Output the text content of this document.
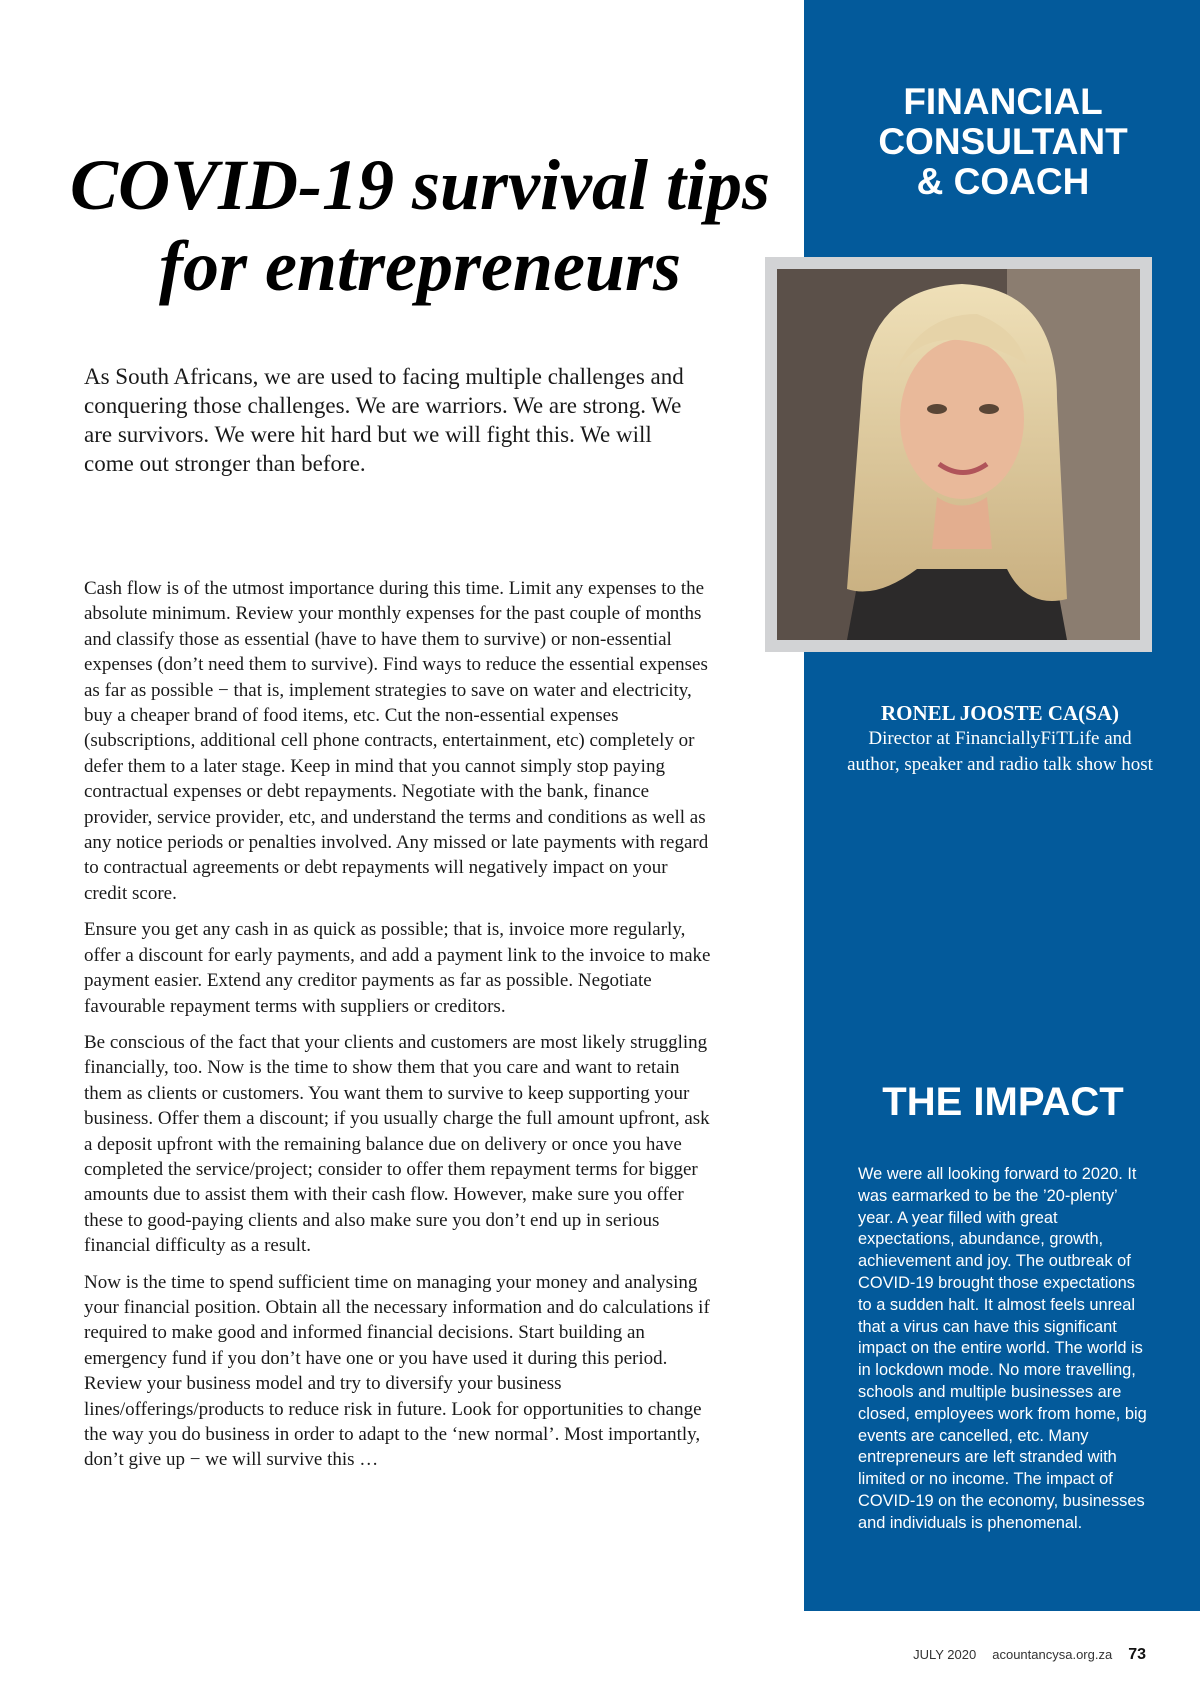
COVID-19 survival tips for entrepreneurs

As South Africans, we are used to facing multiple challenges and conquering those challenges. We are warriors. We are strong. We are survivors. We were hit hard but we will fight this. We will come out stronger than before.

Cash flow is of the utmost importance during this time. Limit any expenses to the absolute minimum. Review your monthly expenses for the past couple of months and classify those as essential (have to have them to survive) or non-essential expenses (don’t need them to survive). Find ways to reduce the essential expenses as far as possible − that is, implement strategies to save on water and electricity, buy a cheaper brand of food items, etc. Cut the non-essential expenses (subscriptions, additional cell phone contracts, entertainment, etc) completely or defer them to a later stage. Keep in mind that you cannot simply stop paying contractual expenses or debt repayments. Negotiate with the bank, finance provider, service provider, etc, and understand the terms and conditions as well as any notice periods or penalties involved. Any missed or late payments with regard to contractual agreements or debt repayments will negatively impact on your credit score.

Ensure you get any cash in as quick as possible; that is, invoice more regularly, offer a discount for early payments, and add a payment link to the invoice to make payment easier. Extend any creditor payments as far as possible. Negotiate favourable repayment terms with suppliers or creditors.

Be conscious of the fact that your clients and customers are most likely struggling financially, too. Now is the time to show them that you care and want to retain them as clients or customers. You want them to survive to keep supporting your business. Offer them a discount; if you usually charge the full amount upfront, ask a deposit upfront with the remaining balance due on delivery or once you have completed the service/project; consider to offer them repayment terms for bigger amounts due to assist them with their cash flow. However, make sure you offer these to good-paying clients and also make sure you don’t end up in serious financial difficulty as a result.

Now is the time to spend sufficient time on managing your money and analysing your financial position. Obtain all the necessary information and do calculations if required to make good and informed financial decisions. Start building an emergency fund if you don’t have one or you have used it during this period. Review your business model and try to diversify your business lines/offerings/products to reduce risk in future. Look for opportunities to change the way you do business in order to adapt to the ‘new normal’. Most importantly, don’t give up − we will survive this …

FINANCIAL
CONSULTANT
& COACH
RONEL JOOSTE CA(SA)
Director at FinanciallyFiTLife and author, speaker and radio talk show host
THE IMPACT

We were all looking forward to 2020. It was earmarked to be the ’20-plenty’ year. A year filled with great expectations, abundance, growth, achievement and joy. The outbreak of COVID-19 brought those expectations to a sudden halt. It almost feels unreal that a virus can have this significant impact on the entire world. The world is in lockdown mode. No more travelling, schools and multiple businesses are closed, employees work from home, big events are cancelled, etc. Many entrepreneurs are left stranded with limited or no income. The impact of COVID-19 on the economy, businesses and individuals is phenomenal.

JULY 2020 acountancysa.org.za 73
